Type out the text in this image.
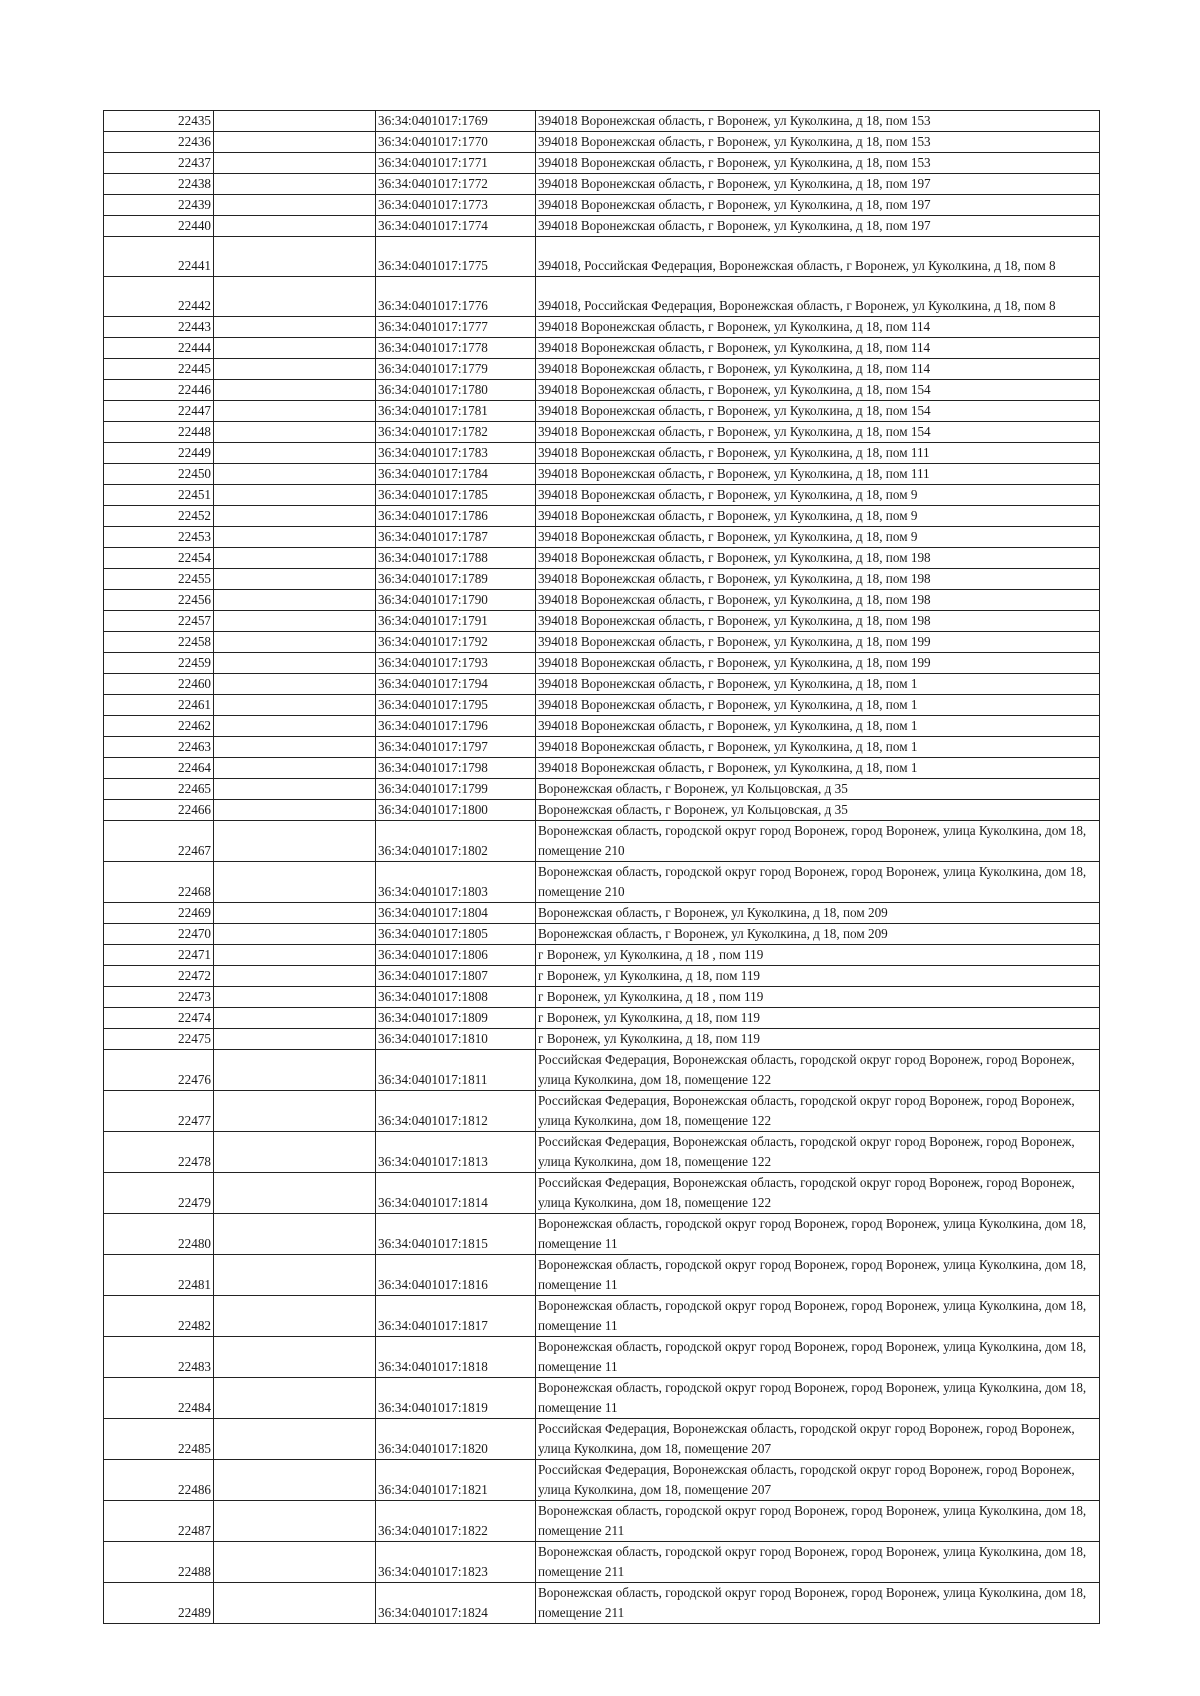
22435		36:34:0401017:1769	394018 Воронежская область, г Воронеж, ул Куколкина, д 18, пом 153
22436		36:34:0401017:1770	394018 Воронежская область, г Воронеж, ул Куколкина, д 18, пом 153
22437		36:34:0401017:1771	394018 Воронежская область, г Воронеж, ул Куколкина, д 18, пом 153
22438		36:34:0401017:1772	394018 Воронежская область, г Воронеж, ул Куколкина, д 18, пом 197
22439		36:34:0401017:1773	394018 Воронежская область, г Воронеж, ул Куколкина, д 18, пом 197
22440		36:34:0401017:1774	394018 Воронежская область, г Воронеж, ул Куколкина, д 18, пом 197
22441		36:34:0401017:1775	394018, Российская Федерация, Воронежская область, г Воронеж, ул Куколкина, д 18, пом 8
22442		36:34:0401017:1776	394018, Российская Федерация, Воронежская область, г Воронеж, ул Куколкина, д 18, пом 8
22443		36:34:0401017:1777	394018 Воронежская область, г Воронеж, ул Куколкина, д 18, пом 114
22444		36:34:0401017:1778	394018 Воронежская область, г Воронеж, ул Куколкина, д 18, пом 114
22445		36:34:0401017:1779	394018 Воронежская область, г Воронеж, ул Куколкина, д 18, пом 114
22446		36:34:0401017:1780	394018 Воронежская область, г Воронеж, ул Куколкина, д 18, пом 154
22447		36:34:0401017:1781	394018 Воронежская область, г Воронеж, ул Куколкина, д 18, пом 154
22448		36:34:0401017:1782	394018 Воронежская область, г Воронеж, ул Куколкина, д 18, пом 154
22449		36:34:0401017:1783	394018 Воронежская область, г Воронеж, ул Куколкина, д 18, пом 111
22450		36:34:0401017:1784	394018 Воронежская область, г Воронеж, ул Куколкина, д 18, пом 111
22451		36:34:0401017:1785	394018 Воронежская область, г Воронеж, ул Куколкина, д 18, пом 9
22452		36:34:0401017:1786	394018 Воронежская область, г Воронеж, ул Куколкина, д 18, пом 9
22453		36:34:0401017:1787	394018 Воронежская область, г Воронеж, ул Куколкина, д 18, пом 9
22454		36:34:0401017:1788	394018 Воронежская область, г Воронеж, ул Куколкина, д 18, пом 198
22455		36:34:0401017:1789	394018 Воронежская область, г Воронеж, ул Куколкина, д 18, пом 198
22456		36:34:0401017:1790	394018 Воронежская область, г Воронеж, ул Куколкина, д 18, пом 198
22457		36:34:0401017:1791	394018 Воронежская область, г Воронеж, ул Куколкина, д 18, пом 198
22458		36:34:0401017:1792	394018 Воронежская область, г Воронеж, ул Куколкина, д 18, пом 199
22459		36:34:0401017:1793	394018 Воронежская область, г Воронеж, ул Куколкина, д 18, пом 199
22460		36:34:0401017:1794	394018 Воронежская область, г Воронеж, ул Куколкина, д 18, пом 1
22461		36:34:0401017:1795	394018 Воронежская область, г Воронеж, ул Куколкина, д 18, пом 1
22462		36:34:0401017:1796	394018 Воронежская область, г Воронеж, ул Куколкина, д 18, пом 1
22463		36:34:0401017:1797	394018 Воронежская область, г Воронеж, ул Куколкина, д 18, пом 1
22464		36:34:0401017:1798	394018 Воронежская область, г Воронеж, ул Куколкина, д 18, пом 1
22465		36:34:0401017:1799	Воронежская область, г Воронеж, ул Кольцовская, д 35
22466		36:34:0401017:1800	Воронежская область, г Воронеж, ул Кольцовская, д 35
22467		36:34:0401017:1802	Воронежская область, городской округ город Воронеж, город Воронеж, улица Куколкина, дом 18, помещение 210
22468		36:34:0401017:1803	Воронежская область, городской округ город Воронеж, город Воронеж, улица Куколкина, дом 18, помещение 210
22469		36:34:0401017:1804	Воронежская область, г Воронеж, ул Куколкина, д 18, пом 209
22470		36:34:0401017:1805	Воронежская область, г Воронеж, ул Куколкина, д 18, пом 209
22471		36:34:0401017:1806	г Воронеж, ул Куколкина, д 18 , пом 119
22472		36:34:0401017:1807	г Воронеж, ул Куколкина, д 18, пом 119
22473		36:34:0401017:1808	г Воронеж, ул Куколкина, д 18 , пом 119
22474		36:34:0401017:1809	г Воронеж, ул Куколкина, д 18, пом 119
22475		36:34:0401017:1810	г Воронеж, ул Куколкина, д 18, пом 119
22476		36:34:0401017:1811	Российская Федерация, Воронежская область, городской округ город Воронеж, город Воронеж, улица Куколкина, дом 18, помещение 122
22477		36:34:0401017:1812	Российская Федерация, Воронежская область, городской округ город Воронеж, город Воронеж, улица Куколкина, дом 18, помещение 122
22478		36:34:0401017:1813	Российская Федерация, Воронежская область, городской округ город Воронеж, город Воронеж, улица Куколкина, дом 18, помещение 122
22479		36:34:0401017:1814	Российская Федерация, Воронежская область, городской округ город Воронеж, город Воронеж, улица Куколкина, дом 18, помещение 122
22480		36:34:0401017:1815	Воронежская область, городской округ город Воронеж, город Воронеж, улица Куколкина, дом 18, помещение 11
22481		36:34:0401017:1816	Воронежская область, городской округ город Воронеж, город Воронеж, улица Куколкина, дом 18, помещение 11
22482		36:34:0401017:1817	Воронежская область, городской округ город Воронеж, город Воронеж, улица Куколкина, дом 18, помещение 11
22483		36:34:0401017:1818	Воронежская область, городской округ город Воронеж, город Воронеж, улица Куколкина, дом 18, помещение 11
22484		36:34:0401017:1819	Воронежская область, городской округ город Воронеж, город Воронеж, улица Куколкина, дом 18, помещение 11
22485		36:34:0401017:1820	Российская Федерация, Воронежская область, городской округ город Воронеж, город Воронеж, улица Куколкина, дом 18, помещение 207
22486		36:34:0401017:1821	Российская Федерация, Воронежская область, городской округ город Воронеж, город Воронеж, улица Куколкина, дом 18, помещение 207
22487		36:34:0401017:1822	Воронежская область, городской округ город Воронеж, город Воронеж, улица Куколкина, дом 18, помещение 211
22488		36:34:0401017:1823	Воронежская область, городской округ город Воронеж, город Воронеж, улица Куколкина, дом 18, помещение 211
22489		36:34:0401017:1824	Воронежская область, городской округ город Воронеж, город Воронеж, улица Куколкина, дом 18, помещение 211
